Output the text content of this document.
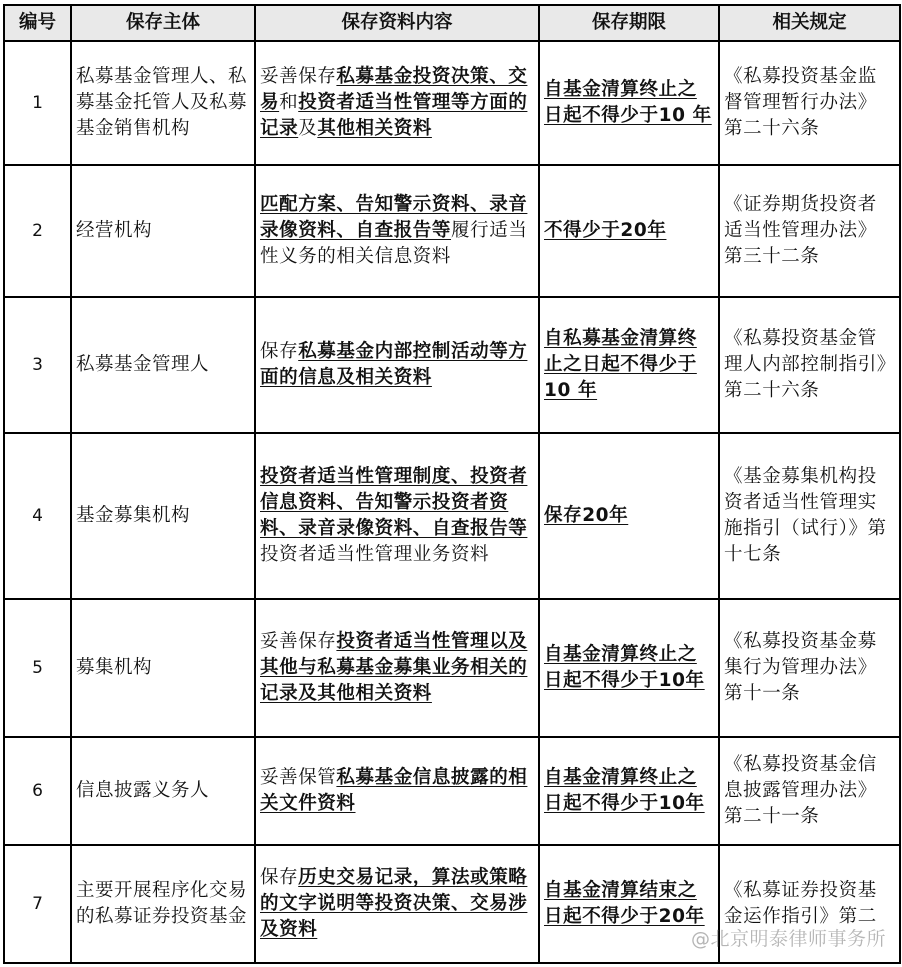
编号	保存主体	保存资料内容	保存期限	相关规定
1	私募基金管理人、私募基金托管人及私募基金销售机构	妥善保存私募基金投资决策、交易和投资者适当性管理等方面的记录及其他相关资料	自基金清算终止之日起不得少于10 年	《私募投资基金监督管理暂行办法》第二十六条
2	经营机构	匹配方案、告知警示资料、录音录像资料、自查报告等履行适当性义务的相关信息资料	不得少于20年	《证券期货投资者适当性管理办法》第三十二条
3	私募基金管理人	保存私募基金内部控制活动等方面的信息及相关资料	自私募基金清算终止之日起不得少于10 年	《私募投资基金管理人内部控制指引》第二十六条
4	基金募集机构	投资者适当性管理制度、投资者信息资料、告知警示投资者资料、录音录像资料、自查报告等投资者适当性管理业务资料	保存20年	《基金募集机构投资者适当性管理实施指引（试行）》第十七条
5	募集机构	妥善保存投资者适当性管理以及其他与私募基金募集业务相关的记录及其他相关资料	自基金清算终止之日起不得少于10年	《私募投资基金募集行为管理办法》第十一条
6	信息披露义务人	妥善保管私募基金信息披露的相关文件资料	自基金清算终止之日起不得少于10年	《私募投资基金信息披露管理办法》第二十一条
7	主要开展程序化交易的私募证券投资基金	保存历史交易记录，算法或策略的文字说明等投资决策、交易涉及资料	自基金清算结束之日起不得少于20年	《私募证券投资基金运作指引》第二
@北京明泰律师事务所
